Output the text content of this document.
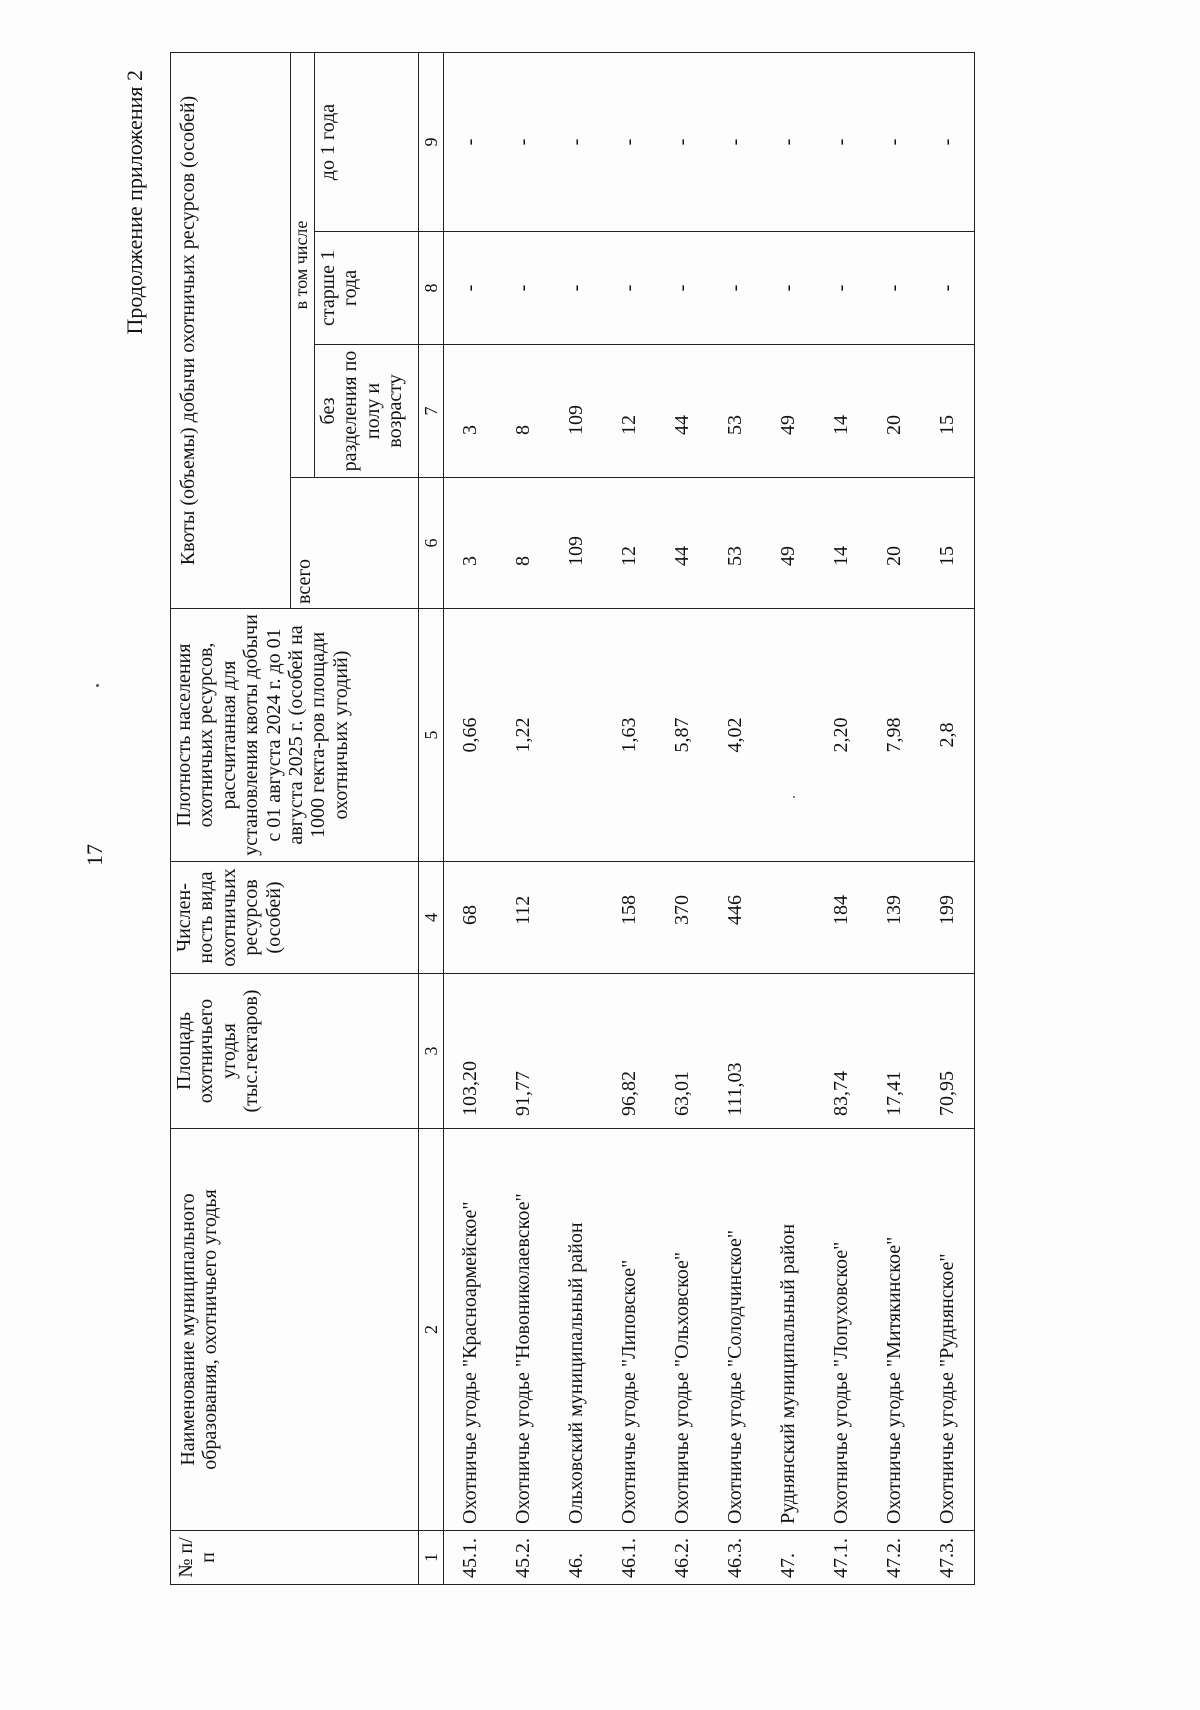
17
Продолжение приложения 2
№ п/п	Наименование муниципального образования, охотничьего угодья	Площадь охотничьего угодья (тыс.гектаров)	Числен-ность вида охотничьих ресурсов (особей)	Плотность населения охотничьих ресурсов, рассчитанная для установления квоты добычи с 01 августа 2024 г. до 01 августа 2025 г. (особей на 1000 гекта-ров площади охотничьих угодий)	Квоты (объемы) добычи охотничьих ресурсов (особей)			
					всего	в том числе		
						без разделения по полу и возрасту	старше 1 года	до 1 года
1	2	3	4	5	6	7	8	9
45.1.	Охотничье угодье "Красноармейское"	103,20	68	0,66	3	3	-	-
45.2.	Охотничье угодье "Новониколаевское"	91,77	112	1,22	8	8	-	-
46.	Ольховский муниципальный район				109	109	-	-
46.1.	Охотничье угодье "Липовское"	96,82	158	1,63	12	12	-	-
46.2.	Охотничье угодье "Ольховское"	63,01	370	5,87	44	44	-	-
46.3.	Охотничье угодье "Солодчинское"	111,03	446	4,02	53	53	-	-
47.	Руднянский муниципальный район				49	49	-	-
47.1.	Охотничье угодье "Лопуховское"	83,74	184	2,20	14	14	-	-
47.2.	Охотничье угодье "Митякинское"	17,41	139	7,98	20	20	-	-
47.3.	Охотничье угодье "Руднянское"	70,95	199	2,8	15	15	-	-
